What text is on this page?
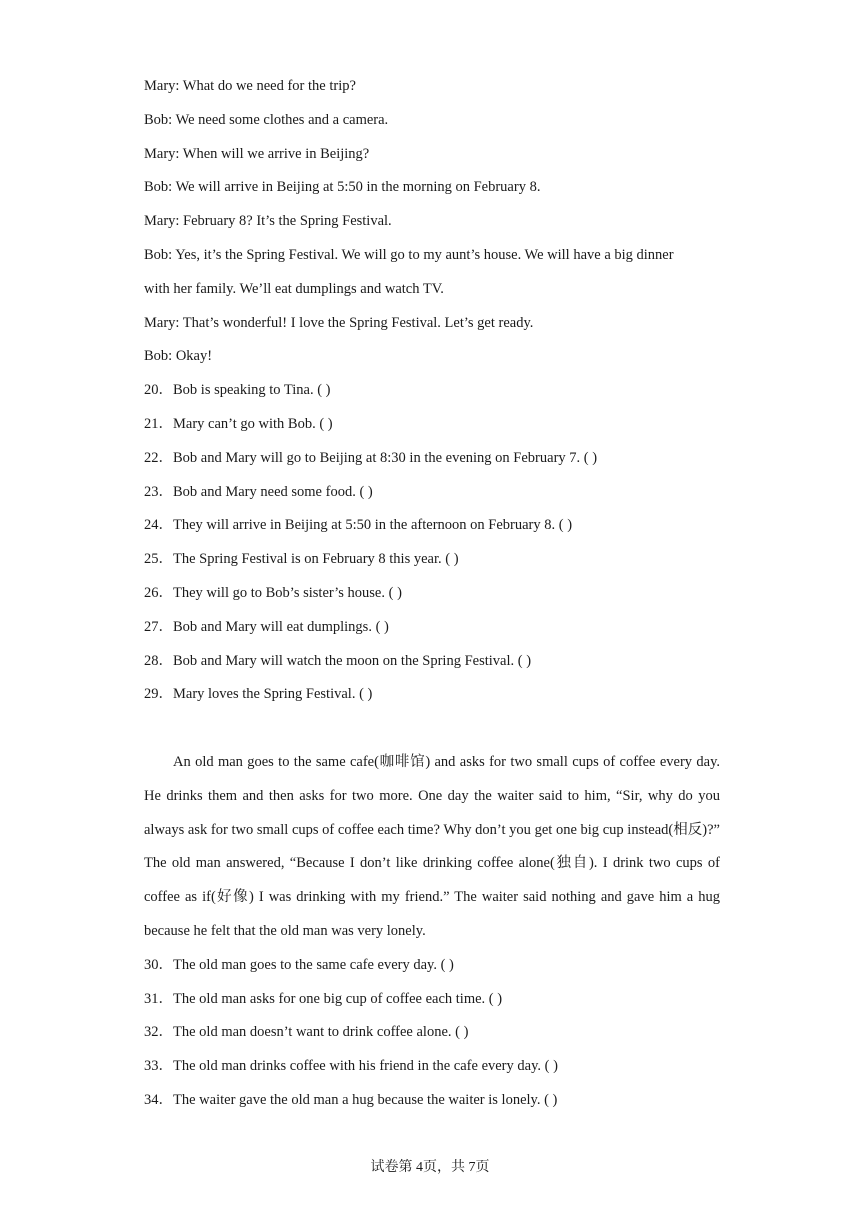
Mary: What do we need for the trip?
Bob: We need some clothes and a camera.
Mary: When will we arrive in Beijing?
Bob: We will arrive in Beijing at 5:50 in the morning on February 8.
Mary: February 8? It’s the Spring Festival.
Bob: Yes, it’s the Spring Festival. We will go to my aunt’s house. We will have a big dinner
with her family. We’ll eat dumplings and watch TV.
Mary: That’s wonderful! I love the Spring Festival. Let’s get ready.
Bob: Okay!
20．Bob is speaking to Tina. ( )
21．Mary can’t go with Bob. ( )
22．Bob and Mary will go to Beijing at 8:30 in the evening on February 7. ( )
23．Bob and Mary need some food. ( )
24．They will arrive in Beijing at 5:50 in the afternoon on February 8. ( )
25．The Spring Festival is on February 8 this year. ( )
26．They will go to Bob’s sister’s house. ( )
27．Bob and Mary will eat dumplings. ( )
28．Bob and Mary will watch the moon on the Spring Festival. ( )
29．Mary loves the Spring Festival. ( )
An old man goes to the same cafe(咖啡馆) and asks for two small cups of coffee every day. He drinks them and then asks for two more. One day the waiter said to him, “Sir, why do you always ask for two small cups of coffee each time? Why don’t you get one big cup instead(相反)?” The old man answered, “Because I don’t like drinking coffee alone(独自). I drink two cups of coffee as if(好像) I was drinking with my friend.” The waiter said nothing and gave him a hug because he felt that the old man was very lonely.
30．The old man goes to the same cafe every day. ( )
31．The old man asks for one big cup of coffee each time. ( )
32．The old man doesn’t want to drink coffee alone. ( )
33．The old man drinks coffee with his friend in the cafe every day. ( )
34．The waiter gave the old man a hug because the waiter is lonely. ( )
试卷第 4页，共 7页
